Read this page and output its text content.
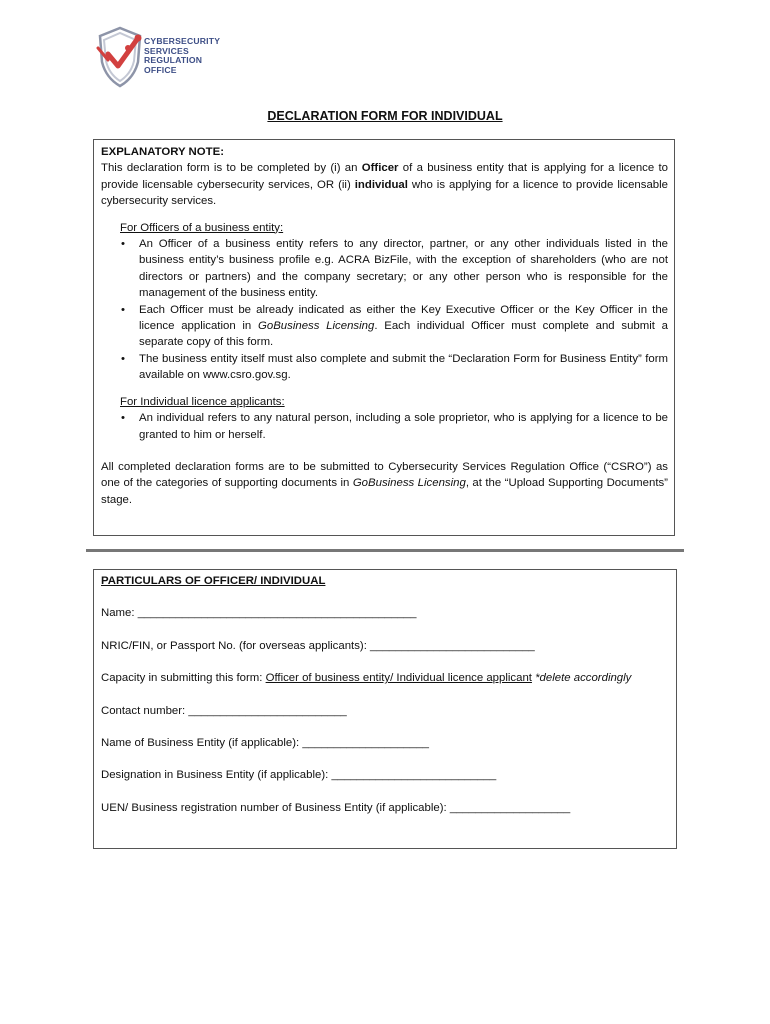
CYBERSECURITY
SERVICES
REGULATION
OFFICE
DECLARATION FORM FOR INDIVIDUAL

EXPLANATORY NOTE:

This declaration form is to be completed by (i) an Officer of a business entity that is applying for a licence to provide licensable cybersecurity services, OR (ii) individual who is applying for a licence to provide licensable cybersecurity services.

For Officers of a business entity:

• An Officer of a business entity refers to any director, partner, or any other individuals listed in the business entity’s business profile e.g. ACRA BizFile, with the exception of shareholders (who are not directors or partners) and the company secretary; or any other person who is responsible for the management of the business entity.
• Each Officer must be already indicated as either the Key Executive Officer or the Key Officer in the licence application in GoBusiness Licensing. Each individual Officer must complete and submit a separate copy of this form.
• The business entity itself must also complete and submit the “Declaration Form for Business Entity” form available on www.csro.gov.sg.

For Individual licence applicants:

• An individual refers to any natural person, including a sole proprietor, who is applying for a licence to be granted to him or herself.

All completed declaration forms are to be submitted to Cybersecurity Services Regulation Office (“CSRO”) as one of the categories of supporting documents in GoBusiness Licensing, at the “Upload Supporting Documents” stage.

PARTICULARS OF OFFICER/ INDIVIDUAL

Name: ____________________________________________

NRIC/FIN, or Passport No. (for overseas applicants): __________________________

Capacity in submitting this form: Officer of business entity/ Individual licence applicant *delete accordingly

Contact number: _________________________

Name of Business Entity (if applicable): ____________________

Designation in Business Entity (if applicable): __________________________

UEN/ Business registration number of Business Entity (if applicable): ___________________
